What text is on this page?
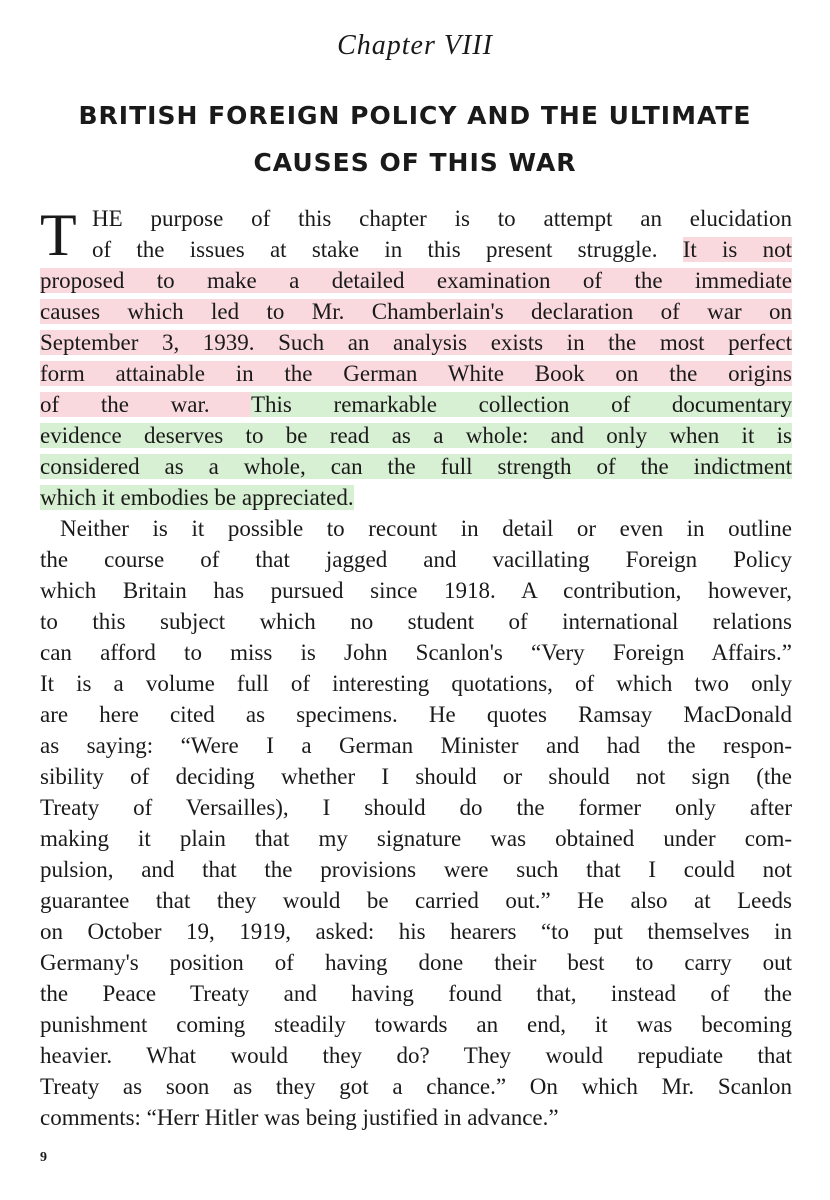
Chapter VIII
BRITISH FOREIGN POLICY AND THE ULTIMATE
CAUSES OF THIS WAR
T HE purpose of this chapter is to attempt an elucidation
of the issues at stake in this present struggle. It is not
proposed to make a detailed examination of the immediate
causes which led to Mr. Chamberlain's declaration of war on
September 3, 1939. Such an analysis exists in the most perfect
form attainable in the German White Book on the origins
of the war. This remarkable collection of documentary
evidence deserves to be read as a whole: and only when it is
considered as a whole, can the full strength of the indictment
which it embodies be appreciated.
Neither is it possible to recount in detail or even in outline
the course of that jagged and vacillating Foreign Policy
which Britain has pursued since 1918. A contribution, however,
to this subject which no student of international relations
can afford to miss is John Scanlon's “Very Foreign Affairs.”
It is a volume full of interesting quotations, of which two only
are here cited as specimens. He quotes Ramsay MacDonald
as saying: “Were I a German Minister and had the respon-
sibility of deciding whether I should or should not sign (the
Treaty of Versailles), I should do the former only after
making it plain that my signature was obtained under com-
pulsion, and that the provisions were such that I could not
guarantee that they would be carried out.” He also at Leeds
on October 19, 1919, asked: his hearers “to put themselves in
Germany's position of having done their best to carry out
the Peace Treaty and having found that, instead of the
punishment coming steadily towards an end, it was becoming
heavier. What would they do? They would repudiate that
Treaty as soon as they got a chance.” On which Mr. Scanlon
comments: “Herr Hitler was being justified in advance.”
9
